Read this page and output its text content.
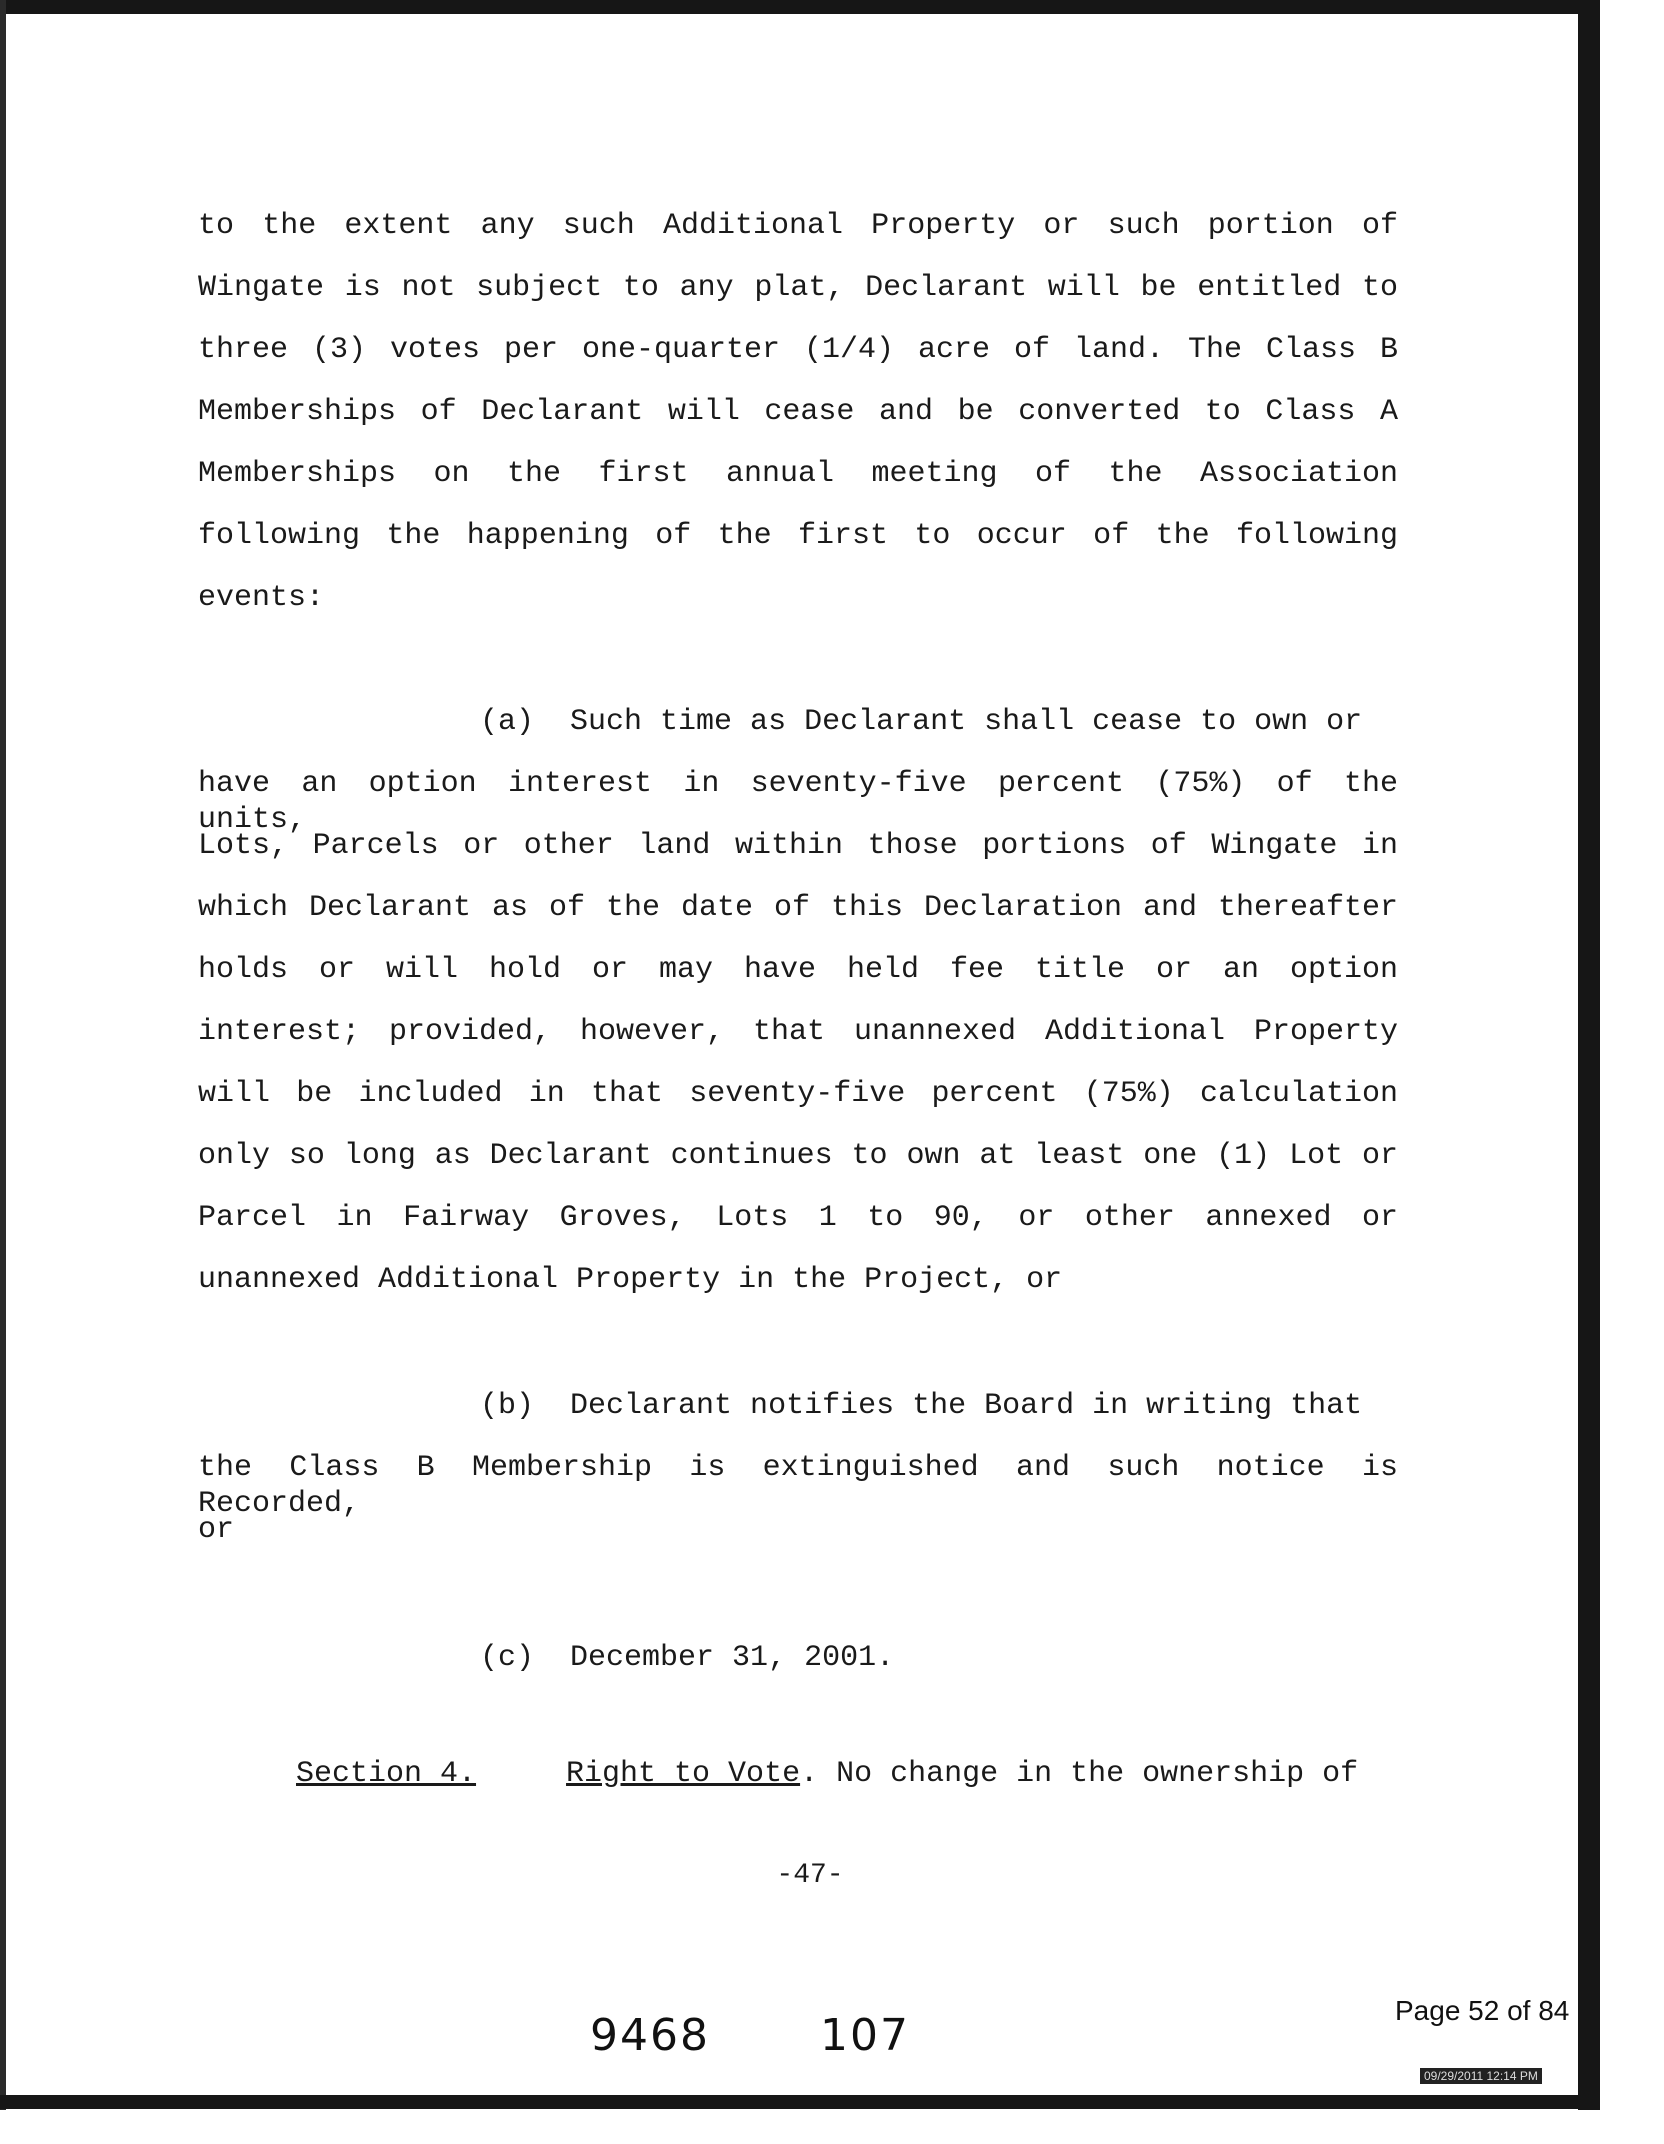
to the extent any such Additional Property or such portion of
Wingate is not subject to any plat, Declarant will be entitled to
three (3) votes per one-quarter (1/4) acre of land. The Class B
Memberships of Declarant will cease and be converted to Class A
Memberships on the first annual meeting of the Association
following the happening of the first to occur of the following
events:
(a) Such time as Declarant shall cease to own or
have an option interest in seventy-five percent (75%) of the units,
Lots, Parcels or other land within those portions of Wingate in
which Declarant as of the date of this Declaration and thereafter
holds or will hold or may have held fee title or an option
interest; provided, however, that unannexed Additional Property
will be included in that seventy-five percent (75%) calculation
only so long as Declarant continues to own at least one (1) Lot or
Parcel in Fairway Groves, Lots 1 to 90, or other annexed or
unannexed Additional Property in the Project, or
(b) Declarant notifies the Board in writing that
the Class B Membership is extinguished and such notice is Recorded,
or
(c) December 31, 2001.
Section 4.	Right to Vote. No change in the ownership of
-47-
9468	107	Page 52 of 84
09/29/2011 12:14 PM
